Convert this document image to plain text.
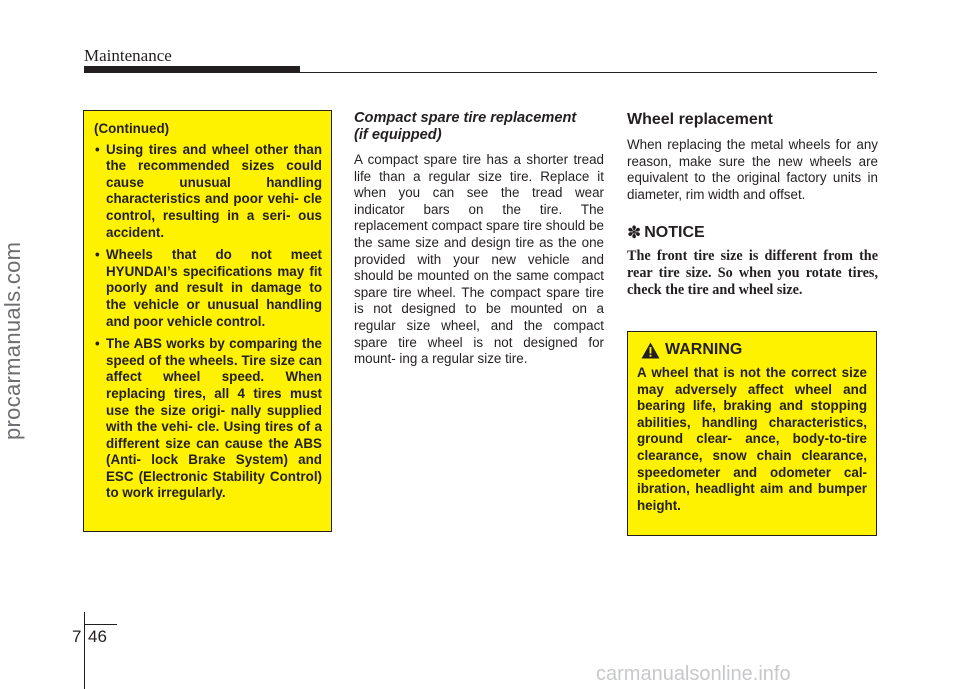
Maintenance
procarmanuals.com
(Continued)
• Using tires and wheel other than the recommended sizes could cause unusual handling characteristics and poor vehi- cle control, resulting in a seri- ous accident.
• Wheels that do not meet HYUNDAI’s specifications may fit poorly and result in damage to the vehicle or unusual handling and poor vehicle control.
• The ABS works by comparing the speed of the wheels. Tire size can affect wheel speed. When replacing tires, all 4 tires must use the size origi- nally supplied with the vehi- cle. Using tires of a different size can cause the ABS (Anti- lock Brake System) and ESC (Electronic Stability Control) to work irregularly.
Compact spare tire replacement
(if equipped)

A compact spare tire has a shorter tread life than a regular size tire. Replace it when you can see the tread wear indicator bars on the tire. The replacement compact spare tire should be the same size and design tire as the one provided with your new vehicle and should be mounted on the same compact spare tire wheel. The compact spare tire is not designed to be mounted on a regular size wheel, and the compact spare tire wheel is not designed for mount- ing a regular size tire.

Wheel replacement

When replacing the metal wheels for any reason, make sure the new wheels are equivalent to the original factory units in diameter, rim width and offset.

✽ NOTICE

The front tire size is different from the rear tire size. So when you rotate tires, check the tire and wheel size.

WARNING
A wheel that is not the correct size may adversely affect wheel and bearing life, braking and stopping abilities, handling characteristics, ground clear- ance, body-to-tire clearance, snow chain clearance, speedometer and odometer cal- ibration, headlight aim and bumper height.
7 46
carmanualsonline.info
